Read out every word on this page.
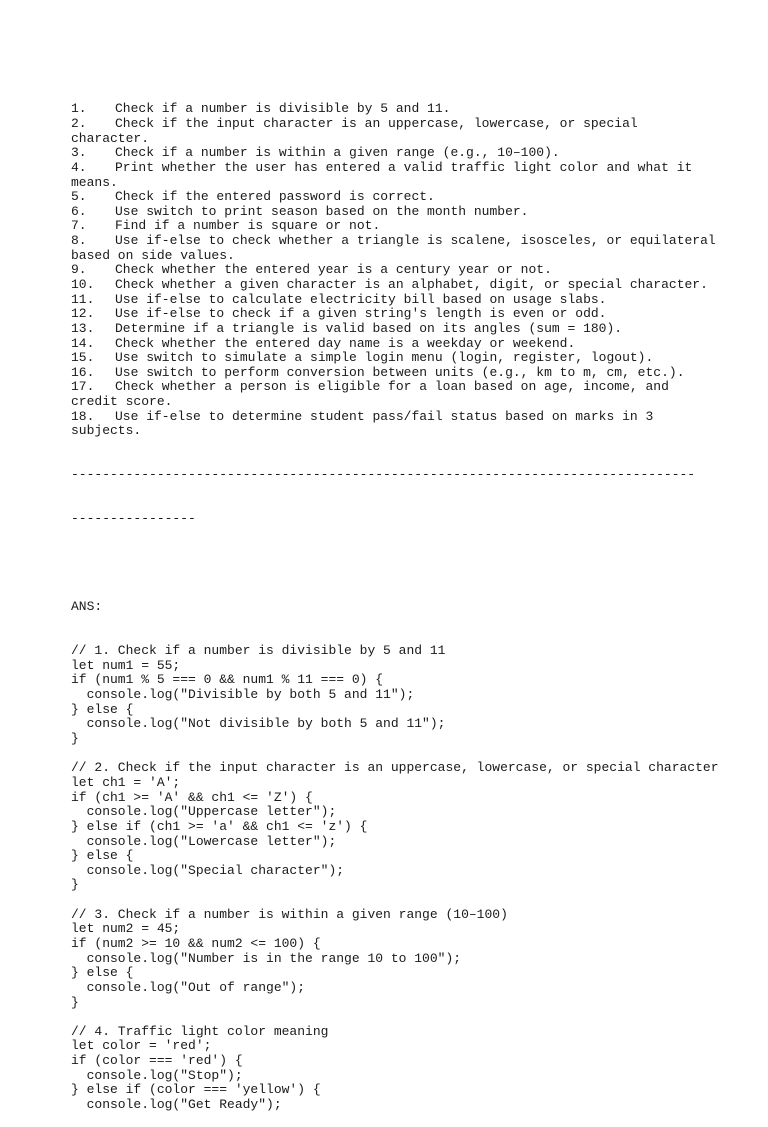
1. Check if a number is divisible by 5 and 11.
2. Check if the input character is an uppercase, lowercase, or special
character.
3. Check if a number is within a given range (e.g., 10–100).
4. Print whether the user has entered a valid traffic light color and what it
means.
5. Check if the entered password is correct.
6. Use switch to print season based on the month number.
7. Find if a number is square or not.
8. Use if-else to check whether a triangle is scalene, isosceles, or equilateral
based on side values.
9. Check whether the entered year is a century year or not.
10. Check whether a given character is an alphabet, digit, or special character.
11. Use if-else to calculate electricity bill based on usage slabs.
12. Use if-else to check if a given string's length is even or odd.
13. Determine if a triangle is valid based on its angles (sum = 180).
14. Check whether the entered day name is a weekday or weekend.
15. Use switch to simulate a simple login menu (login, register, logout).
16. Use switch to perform conversion between units (e.g., km to m, cm, etc.).
17. Check whether a person is eligible for a loan based on age, income, and
credit score.
18. Use if-else to determine student pass/fail status based on marks in 3
subjects.

--------------------------------------------------------------------------------

----------------

ANS:

// 1. Check if a number is divisible by 5 and 11
let num1 = 55;
if (num1 % 5 === 0 && num1 % 11 === 0) {
console.log("Divisible by both 5 and 11");
} else {
console.log("Not divisible by both 5 and 11");
}
// 2. Check if the input character is an uppercase, lowercase, or special character
let ch1 = 'A';
if (ch1 >= 'A' && ch1 <= 'Z') {
console.log("Uppercase letter");
} else if (ch1 >= 'a' && ch1 <= 'z') {
console.log("Lowercase letter");
} else {
console.log("Special character");
}
// 3. Check if a number is within a given range (10–100)
let num2 = 45;
if (num2 >= 10 && num2 <= 100) {
console.log("Number is in the range 10 to 100");
} else {
console.log("Out of range");
}
// 4. Traffic light color meaning
let color = 'red';
if (color === 'red') {
console.log("Stop");
} else if (color === 'yellow') {
console.log("Get Ready");
